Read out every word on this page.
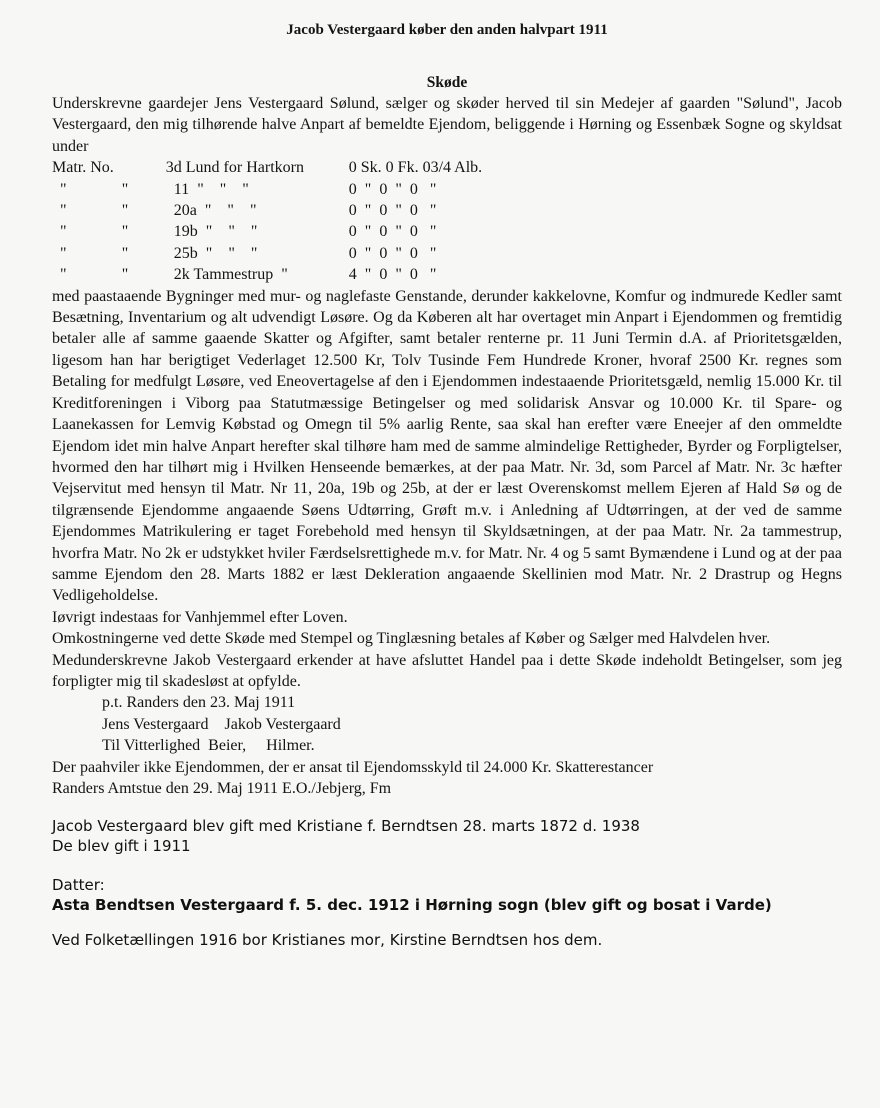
Jacob Vestergaard køber den anden halvpart 1911
Skøde

Underskrevne gaardejer Jens Vestergaard Sølund, sælger og skøder herved til sin Medejer af gaarden "Sølund", Jacob Vestergaard, den mig tilhørende halve Anpart af bemeldte Ejendom, beliggende i Hørning og Essenbæk Sogne og skyldsat under

Matr. No.		3d Lund for Hartkorn	0 Sk. 0 Fk. 03/4 Alb.
"	"	11  "    "    "	0  "  0  "  0   "
"	"	20a  "    "    "	0  "  0  "  0   "
"	"	19b  "    "    "	0  "  0  "  0   "
"	"	25b  "    "    "	0  "  0  "  0   "
"	"	2k Tammestrup  "	4  "  0  "  0   "

med paastaaende Bygninger med mur- og naglefaste Genstande, derunder kakkelovne, Komfur og indmurede Kedler samt Besætning, Inventarium og alt udvendigt Løsøre. Og da Køberen alt har overtaget min Anpart i Ejendommen og fremtidig betaler alle af samme gaaende Skatter og Afgifter, samt betaler renterne pr. 11 Juni Termin d.A. af Prioritetsgælden, ligesom han har berigtiget Vederlaget 12.500 Kr, Tolv Tusinde Fem Hundrede Kroner, hvoraf 2500 Kr. regnes som Betaling for medfulgt Løsøre, ved Eneovertagelse af den i Ejendommen indestaaende Prioritetsgæld, nemlig 15.000 Kr. til Kreditforeningen i Viborg paa Statutmæssige Betingelser og med solidarisk Ansvar og 10.000 Kr. til Spare- og Laanekassen for Lemvig Købstad og Omegn til 5% aarlig Rente, saa skal han erefter være Eneejer af den ommeldte Ejendom idet min halve Anpart herefter skal tilhøre ham med de samme almindelige Rettigheder, Byrder og Forpligtelser, hvormed den har tilhørt mig i Hvilken Henseende bemærkes, at der paa Matr. Nr. 3d, som Parcel af Matr. Nr. 3c hæfter Vejservitut med hensyn til Matr. Nr 11, 20a, 19b og 25b, at der er læst Overenskomst mellem Ejeren af Hald Sø og de tilgrænsende Ejendomme angaaende Søens Udtørring, Grøft m.v. i Anledning af Udtørringen, at der ved de samme Ejendommes Matrikulering er taget Forebehold med hensyn til Skyldsætningen, at der paa Matr. Nr. 2a tammestrup, hvorfra Matr. No 2k er udstykket hviler Færdselsrettighede m.v. for Matr. Nr. 4 og 5 samt Bymændene i Lund og at der paa samme Ejendom den 28. Marts 1882 er læst Dekleration angaaende Skellinien mod Matr. Nr. 2 Drastrup og Hegns Vedligeholdelse.

Iøvrigt indestaas for Vanhjemmel efter Loven.

Omkostningerne ved dette Skøde med Stempel og Tinglæsning betales af Køber og Sælger med Halvdelen hver.

Medunderskrevne Jakob Vestergaard erkender at have afsluttet Handel paa i dette Skøde indeholdt Betingelser, som jeg forpligter mig til skadesløst at opfylde.

p.t. Randers den 23. Maj 1911

Jens Vestergaard    Jakob Vestergaard

Til Vitterlighed  Beier,     Hilmer.

Der paahviler ikke Ejendommen, der er ansat til Ejendomsskyld til 24.000 Kr. Skatterestancer

Randers Amtstue den 29. Maj 1911 E.O./Jebjerg, Fm

Jacob Vestergaard blev gift med Kristiane f. Berndtsen 28. marts 1872 d. 1938
De blev gift i 1911
Datter:
Asta Bendtsen Vestergaard f. 5. dec. 1912 i Hørning sogn (blev gift og bosat i Varde)
Ved Folketællingen 1916 bor Kristianes mor, Kirstine Berndtsen hos dem.
